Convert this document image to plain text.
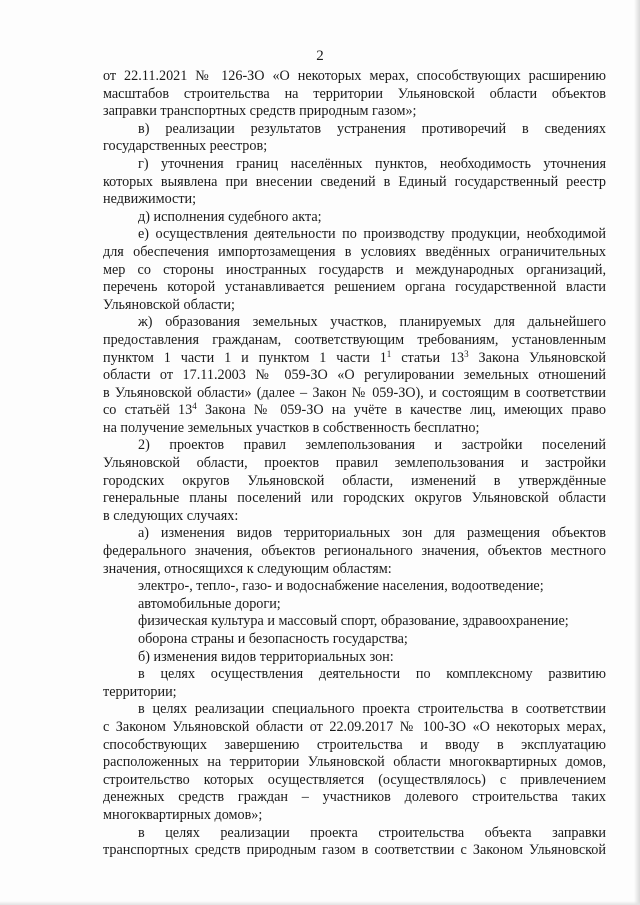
2
от 22.11.2021 № 126-ЗО «О некоторых мерах, способствующих расширению
масштабов строительства на территории Ульяновской области объектов
заправки транспортных средств природным газом»;
в) реализации результатов устранения противоречий в сведениях
государственных реестров;
г) уточнения границ населённых пунктов, необходимость уточнения
которых выявлена при внесении сведений в Единый государственный реестр
недвижимости;
д) исполнения судебного акта;
е) осуществления деятельности по производству продукции, необходимой
для обеспечения импортозамещения в условиях введённых ограничительных
мер со стороны иностранных государств и международных организаций,
перечень которой устанавливается решением органа государственной власти
Ульяновской области;
ж) образования земельных участков, планируемых для дальнейшего
предоставления гражданам, соответствующим требованиям, установленным
пунктом 1 части 1 и пунктом 1 части $1^1$ статьи $13^3$ Закона Ульяновской
области от 17.11.2003 № 059-ЗО «О регулировании земельных отношений
в Ульяновской области» (далее – Закон № 059-ЗО), и состоящим в соответствии
со статьёй $13^4$ Закона № 059-ЗО на учёте в качестве лиц, имеющих право
на получение земельных участков в собственность бесплатно;
2) проектов правил землепользования и застройки поселений
Ульяновской области, проектов правил землепользования и застройки
городских округов Ульяновской области, изменений в утверждённые
генеральные планы поселений или городских округов Ульяновской области
в следующих случаях:
а) изменения видов территориальных зон для размещения объектов
федерального значения, объектов регионального значения, объектов местного
значения, относящихся к следующим областям:
электро-, тепло-, газо- и водоснабжение населения, водоотведение;
автомобильные дороги;
физическая культура и массовый спорт, образование, здравоохранение;
оборона страны и безопасность государства;
б) изменения видов территориальных зон:
в целях осуществления деятельности по комплексному развитию
территории;
в целях реализации специального проекта строительства в соответствии
с Законом Ульяновской области от 22.09.2017 № 100-ЗО «О некоторых мерах,
способствующих завершению строительства и вводу в эксплуатацию
расположенных на территории Ульяновской области многоквартирных домов,
строительство которых осуществляется (осуществлялось) с привлечением
денежных средств граждан – участников долевого строительства таких
многоквартирных домов»;
в целях реализации проекта строительства объекта заправки
транспортных средств природным газом в соответствии с Законом Ульяновской
